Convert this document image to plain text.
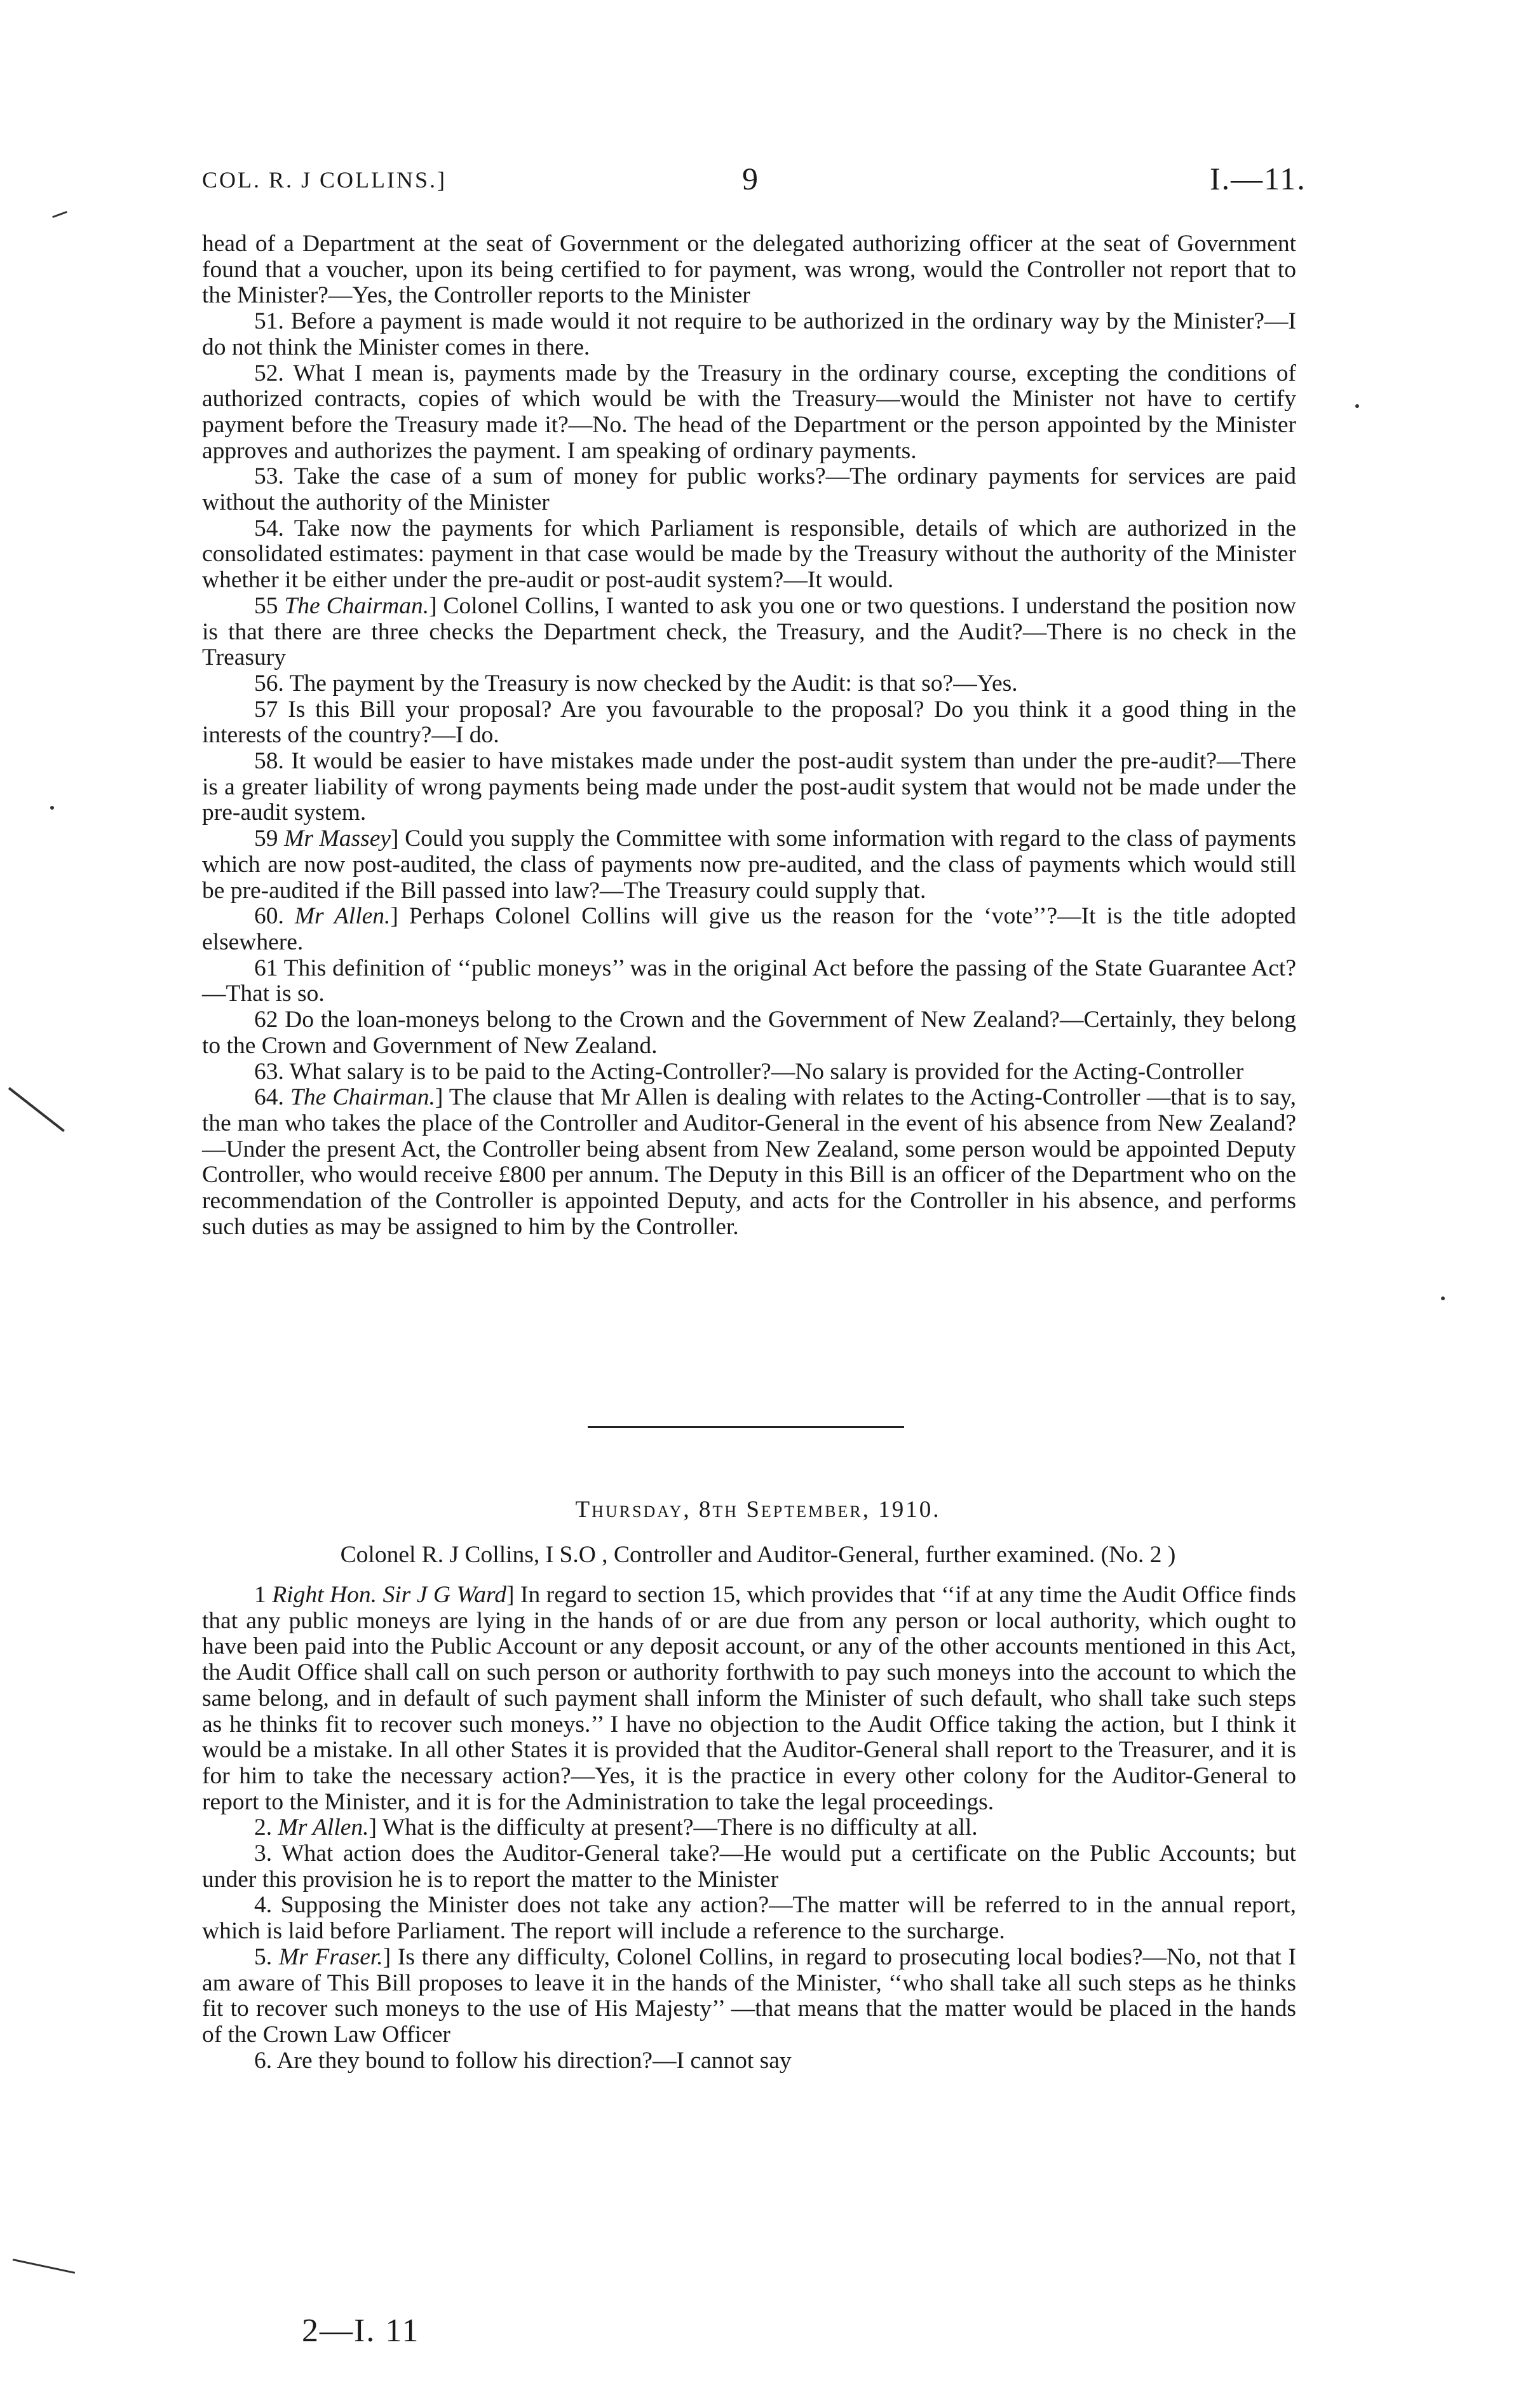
COL. R. J COLLINS.]	9	I.—11.

head of a Department at the seat of Government or the delegated authorizing officer at the seat of Government found that a voucher, upon its being certified to for payment, was wrong, would the Controller not report that to the Minister?—Yes, the Controller reports to the Minister

51. Before a payment is made would it not require to be authorized in the ordinary way by the Minister?—I do not think the Minister comes in there.

52. What I mean is, payments made by the Treasury in the ordinary course, excepting the conditions of authorized contracts, copies of which would be with the Treasury—would the Minister not have to certify payment before the Treasury made it?—No. The head of the Department or the person appointed by the Minister approves and authorizes the payment. I am speaking of ordinary payments.

53. Take the case of a sum of money for public works?—The ordinary payments for services are paid without the authority of the Minister

54. Take now the payments for which Parliament is responsible, details of which are authorized in the consolidated estimates: payment in that case would be made by the Treasury without the authority of the Minister whether it be either under the pre-audit or post-audit system?—It would.

55 The Chairman.] Colonel Collins, I wanted to ask you one or two questions. I understand the position now is that there are three checks the Department check, the Treasury, and the Audit?—There is no check in the Treasury

56. The payment by the Treasury is now checked by the Audit: is that so?—Yes.

57 Is this Bill your proposal? Are you favourable to the proposal? Do you think it a good thing in the interests of the country?—I do.

58. It would be easier to have mistakes made under the post-audit system than under the pre-audit?—There is a greater liability of wrong payments being made under the post-audit system that would not be made under the pre-audit system.

59 Mr Massey] Could you supply the Committee with some information with regard to the class of payments which are now post-audited, the class of payments now pre-audited, and the class of payments which would still be pre-audited if the Bill passed into law?—The Treasury could supply that.

60. Mr Allen.] Perhaps Colonel Collins will give us the reason for the ‘vote’’?—It is the title adopted elsewhere.

61 This definition of ‘‘public moneys’’ was in the original Act before the passing of the State Guarantee Act?—That is so.

62 Do the loan-moneys belong to the Crown and the Government of New Zealand?—Certainly, they belong to the Crown and Government of New Zealand.

63. What salary is to be paid to the Acting-Controller?—No salary is provided for the Acting-Controller

64. The Chairman.] The clause that Mr Allen is dealing with relates to the Acting-Controller —that is to say, the man who takes the place of the Controller and Auditor-General in the event of his absence from New Zealand?—Under the present Act, the Controller being absent from New Zealand, some person would be appointed Deputy Controller, who would receive £800 per annum. The Deputy in this Bill is an officer of the Department who on the recommendation of the Controller is appointed Deputy, and acts for the Controller in his absence, and performs such duties as may be assigned to him by the Controller.

Thursday, 8th September, 1910.
Colonel R. J Collins, I S.O , Controller and Auditor-General, further examined. (No. 2 )

1 Right Hon. Sir J G Ward] In regard to section 15, which provides that ‘‘if at any time the Audit Office finds that any public moneys are lying in the hands of or are due from any person or local authority, which ought to have been paid into the Public Account or any deposit account, or any of the other accounts mentioned in this Act, the Audit Office shall call on such person or authority forthwith to pay such moneys into the account to which the same belong, and in default of such payment shall inform the Minister of such default, who shall take such steps as he thinks fit to recover such moneys.’’ I have no objection to the Audit Office taking the action, but I think it would be a mistake. In all other States it is provided that the Auditor-General shall report to the Treasurer, and it is for him to take the necessary action?—Yes, it is the practice in every other colony for the Auditor-General to report to the Minister, and it is for the Administration to take the legal proceedings.

2. Mr Allen.] What is the difficulty at present?—There is no difficulty at all.

3. What action does the Auditor-General take?—He would put a certificate on the Public Accounts; but under this provision he is to report the matter to the Minister

4. Supposing the Minister does not take any action?—The matter will be referred to in the annual report, which is laid before Parliament. The report will include a reference to the surcharge.

5. Mr Fraser.] Is there any difficulty, Colonel Collins, in regard to prosecuting local bodies?—No, not that I am aware of This Bill proposes to leave it in the hands of the Minister, ‘‘who shall take all such steps as he thinks fit to recover such moneys to the use of His Majesty’’ —that means that the matter would be placed in the hands of the Crown Law Officer

6. Are they bound to follow his direction?—I cannot say

2—I. 11
